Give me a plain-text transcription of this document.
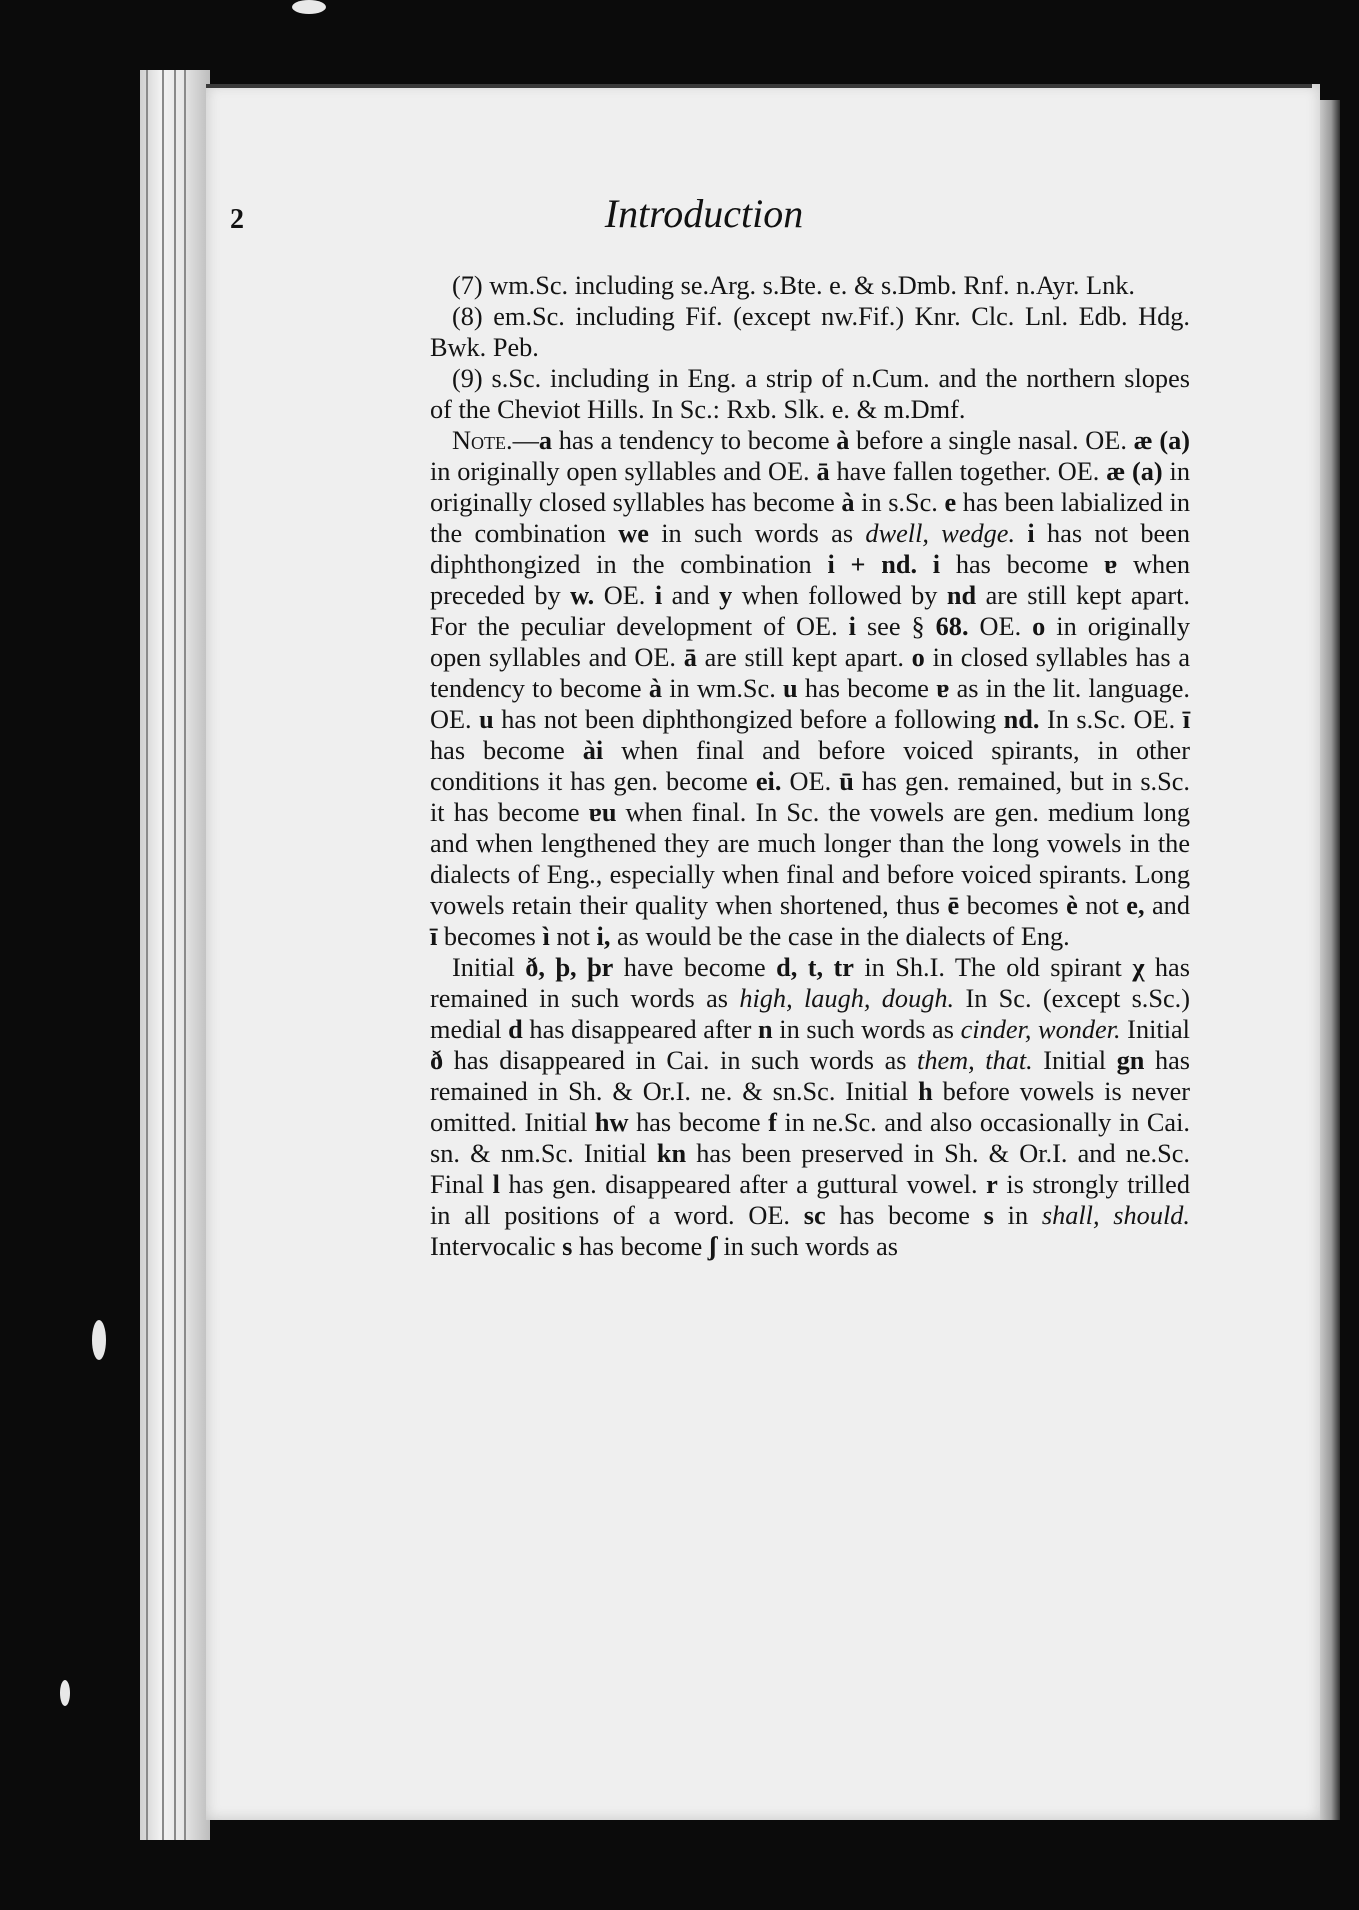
2	Introduction

(7) wm.Sc. including se.Arg. s.Bte. e. & s.Dmb. Rnf. n.Ayr. Lnk.

(8) em.Sc. including Fif. (except nw.Fif.) Knr. Clc. Lnl. Edb. Hdg. Bwk. Peb.

(9) s.Sc. including in Eng. a strip of n.Cum. and the northern slopes of the Cheviot Hills. In Sc.: Rxb. Slk. e. & m.Dmf.

Note.—a has a tendency to become à before a single nasal. OE. æ (a) in originally open syllables and OE. ā have fallen together. OE. æ (a) in originally closed syllables has become à in s.Sc. e has been labialized in the combination we in such words as dwell, wedge. i has not been diphthongized in the combination i + nd. i has become ɐ when preceded by w. OE. i and y when followed by nd are still kept apart. For the peculiar development of OE. i see § 68. OE. o in originally open syllables and OE. ā are still kept apart. o in closed syllables has a tendency to become à in wm.Sc. u has become ɐ as in the lit. language. OE. u has not been diphthongized before a following nd. In s.Sc. OE. ī has become ài when final and before voiced spirants, in other conditions it has gen. become ei. OE. ū has gen. remained, but in s.Sc. it has become ɐu when final. In Sc. the vowels are gen. medium long and when lengthened they are much longer than the long vowels in the dialects of Eng., especially when final and before voiced spirants. Long vowels retain their quality when shortened, thus ē becomes è not e, and ī becomes ì not i, as would be the case in the dialects of Eng.

Initial ð, þ, þr have become d, t, tr in Sh.I. The old spirant χ has remained in such words as high, laugh, dough. In Sc. (except s.Sc.) medial d has disappeared after n in such words as cinder, wonder. Initial ð has disappeared in Cai. in such words as them, that. Initial gn has remained in Sh. & Or.I. ne. & sn.Sc. Initial h before vowels is never omitted. Initial hw has become f in ne.Sc. and also occasionally in Cai. sn. & nm.Sc. Initial kn has been preserved in Sh. & Or.I. and ne.Sc. Final l has gen. disappeared after a guttural vowel. r is strongly trilled in all positions of a word. OE. sc has become s in shall, should. Intervocalic s has become ʃ in such words as
